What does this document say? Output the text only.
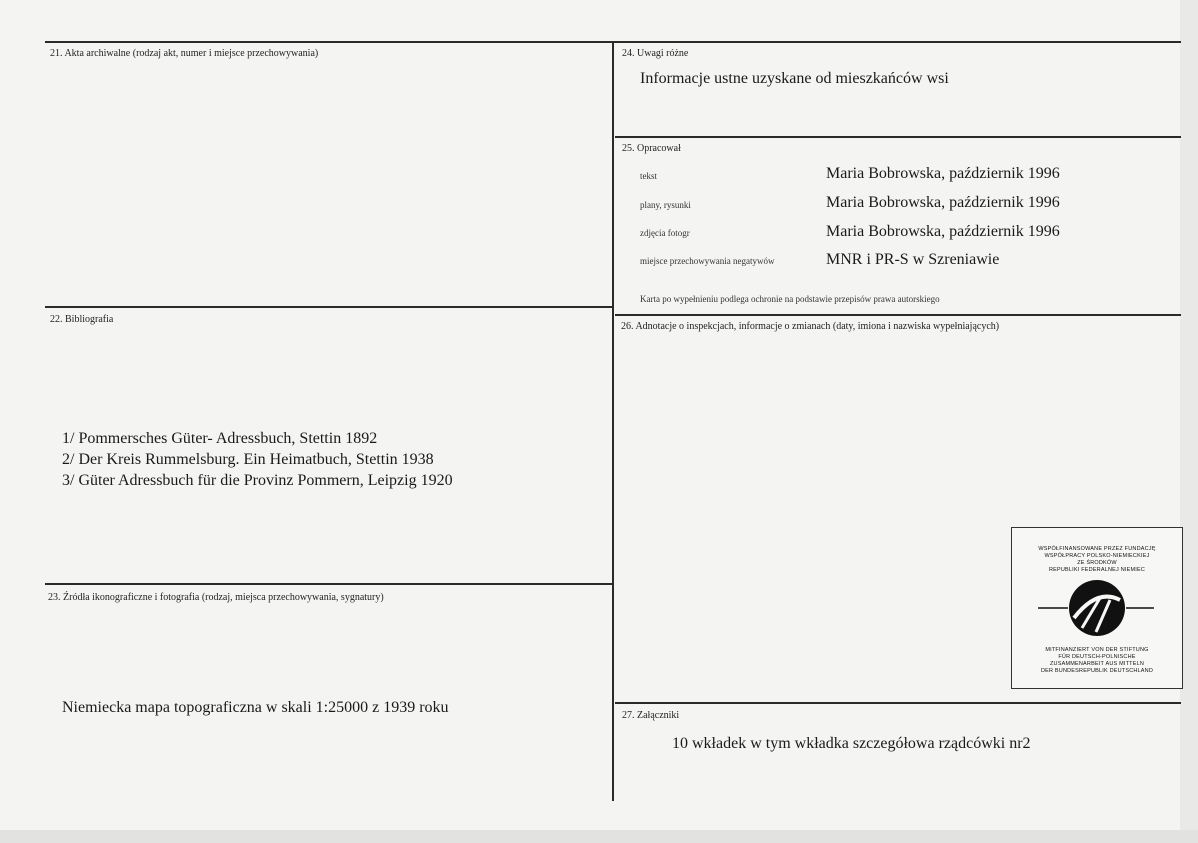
21. Akta archiwalne (rodzaj akt, numer i miejsce przechowywania)
22. Bibliografia
1/ Pommersches Güter- Adressbuch, Stettin 1892
2/ Der Kreis Rummelsburg. Ein Heimatbuch, Stettin 1938
3/ Güter Adressbuch für die Provinz Pommern, Leipzig 1920
23. Źródła ikonograficzne i fotografia (rodzaj, miejsca przechowywania, sygnatury)
Niemiecka mapa topograficzna w skali 1:25000 z 1939 roku
24. Uwagi różne
Informacje ustne uzyskane od mieszkańców wsi
25. Opracował
tekst	Maria Bobrowska, październik 1996
plany, rysunki	Maria Bobrowska, październik 1996
zdjęcia fotogr	Maria Bobrowska, październik 1996
miejsce przechowywania negatywów	MNR i PR-S w Szreniawie
Karta po wypełnieniu podlega ochronie na podstawie przepisów prawa autorskiego
26. Adnotacje o inspekcjach, informacje o zmianach (daty, imiona i nazwiska wypełniających)
WSPÓŁFINANSOWANE PRZEZ FUNDACJĘ
WSPÓŁPRACY POLSKO-NIEMIECKIEJ
ZE ŚRODKÓW
REPUBLIKI FEDERALNEJ NIEMIEC
MITFINANZIERT VON DER STIFTUNG
FÜR DEUTSCH-POLNISCHE
ZUSAMMENARBEIT AUS MITTELN
DER BUNDESREPUBLIK DEUTSCHLAND
27. Załączniki
10 wkładek w tym wkładka szczegółowa rządcówki nr2
